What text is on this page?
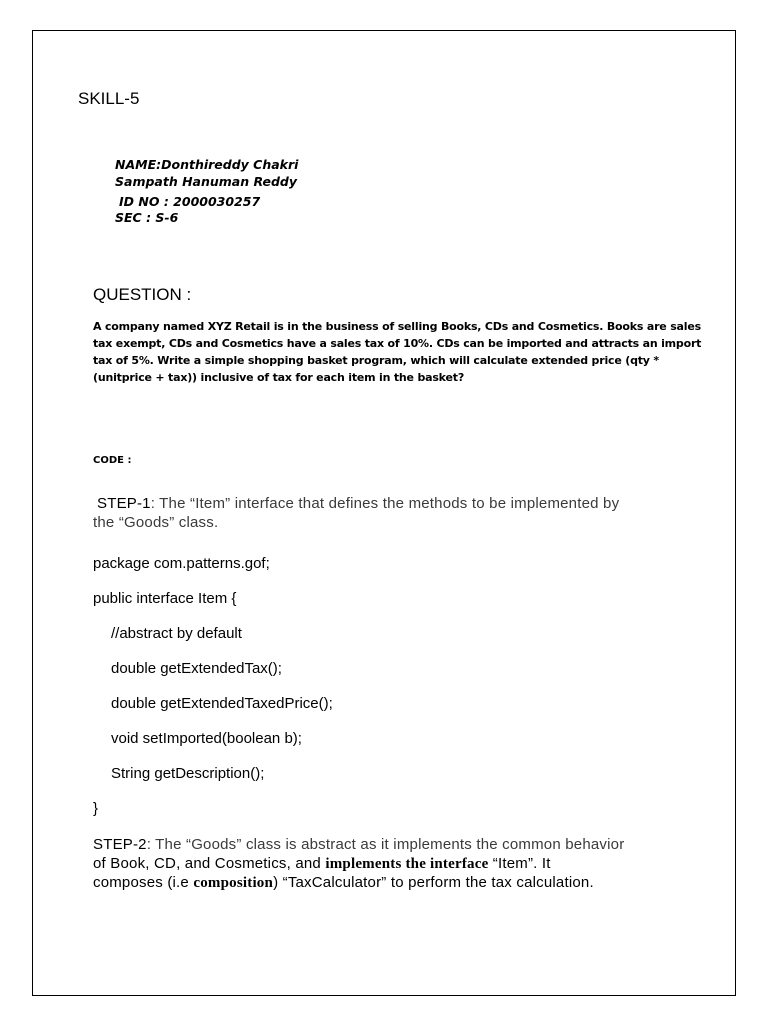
SKILL-5
NAME:Donthireddy Chakri
Sampath Hanuman Reddy
ID NO : 2000030257
SEC : S-6
QUESTION :
A company named XYZ Retail is in the business of selling Books, CDs and Cosmetics. Books are sales
tax exempt, CDs and Cosmetics have a sales tax of 10%. CDs can be imported and attracts an import
tax of 5%. Write a simple shopping basket program, which will calculate extended price (qty *
(unitprice + tax)) inclusive of tax for each item in the basket?
CODE :
STEP-1: The “Item” interface that defines the methods to be implemented by
the “Goods” class.
package com.patterns.gof;
public interface Item {
//abstract by default
double getExtendedTax();
double getExtendedTaxedPrice();
void setImported(boolean b);
String getDescription();
}
STEP-2: The “Goods” class is abstract as it implements the common behavior
of Book, CD, and Cosmetics, and implements the interface “Item”. It
composes (i.e composition) “TaxCalculator” to perform the tax calculation.
